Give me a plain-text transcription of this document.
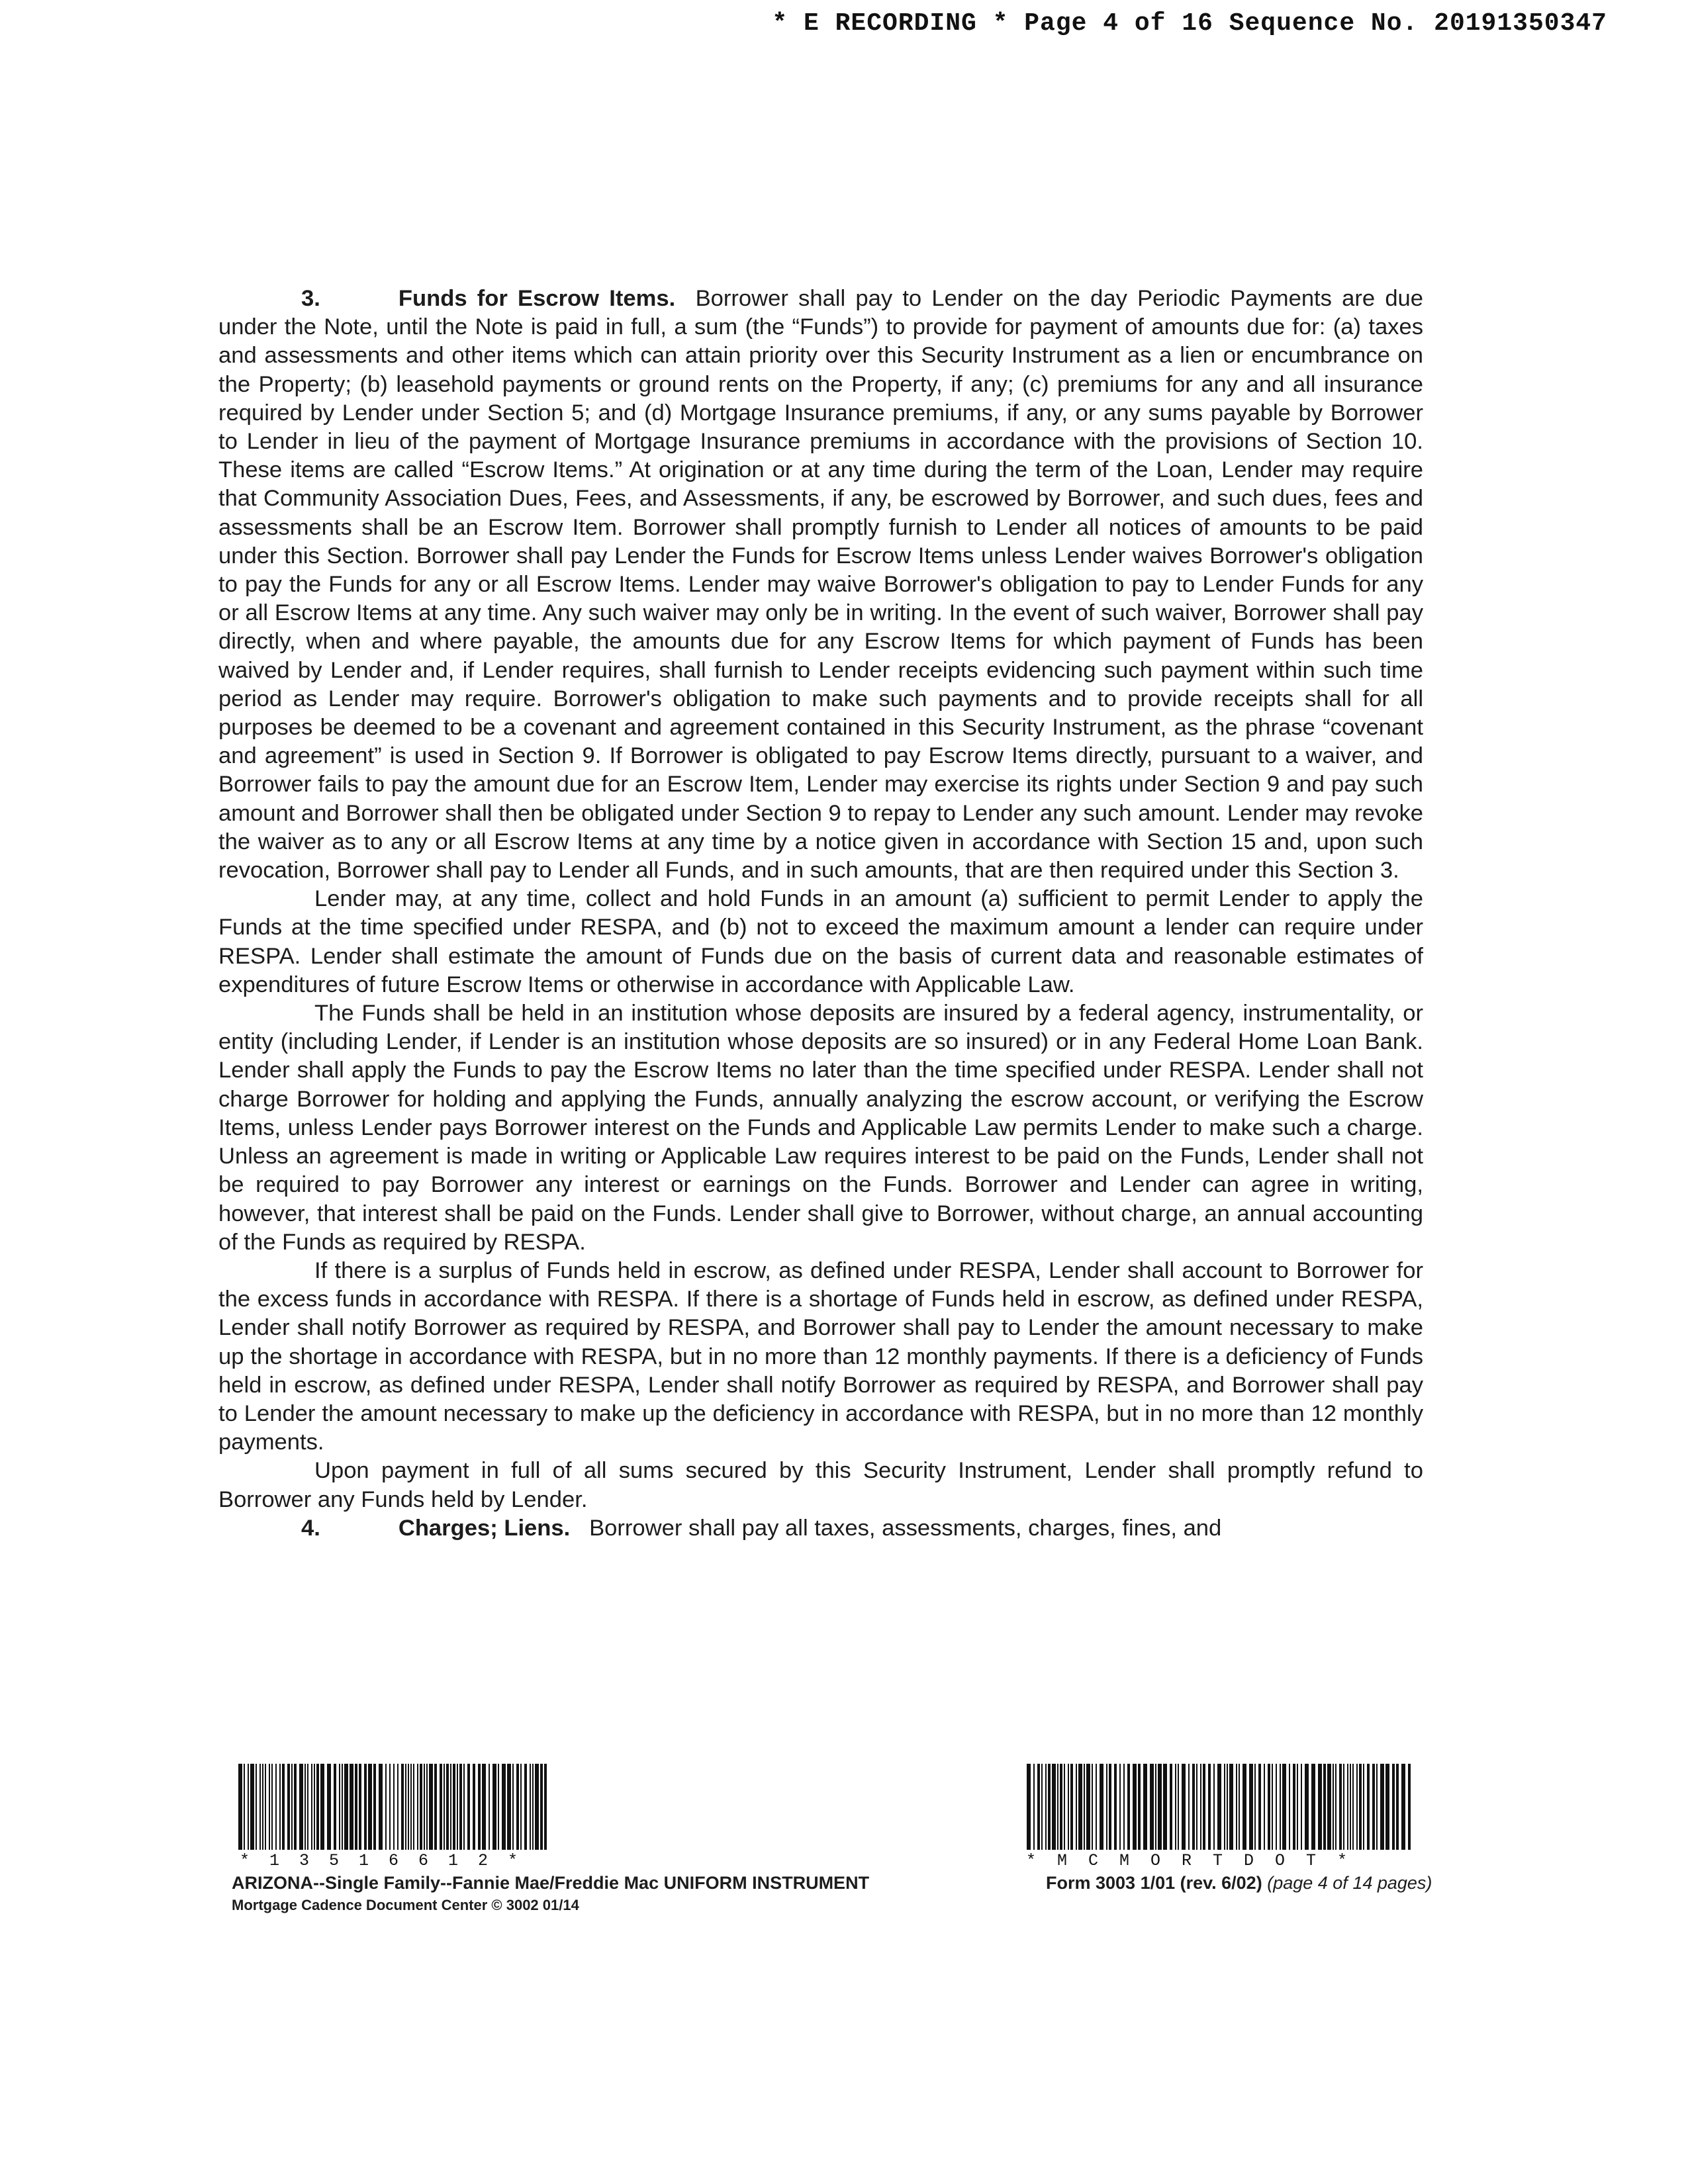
* E RECORDING * Page 4 of 16 Sequence No. 20191350347

3.	Funds for Escrow Items. Borrower shall pay to Lender on the day Periodic Payments are due under the Note, until the Note is paid in full, a sum (the “Funds”) to provide for payment of amounts due for: (a) taxes and assessments and other items which can attain priority over this Security Instrument as a lien or encumbrance on the Property; (b) leasehold payments or ground rents on the Property, if any; (c) premiums for any and all insurance required by Lender under Section 5; and (d) Mortgage Insurance premiums, if any, or any sums payable by Borrower to Lender in lieu of the payment of Mortgage Insurance premiums in accordance with the provisions of Section 10. These items are called “Escrow Items.” At origination or at any time during the term of the Loan, Lender may require that Community Association Dues, Fees, and Assessments, if any, be escrowed by Borrower, and such dues, fees and assessments shall be an Escrow Item. Borrower shall promptly furnish to Lender all notices of amounts to be paid under this Section. Borrower shall pay Lender the Funds for Escrow Items unless Lender waives Borrower's obligation to pay the Funds for any or all Escrow Items. Lender may waive Borrower's obligation to pay to Lender Funds for any or all Escrow Items at any time. Any such waiver may only be in writing. In the event of such waiver, Borrower shall pay directly, when and where payable, the amounts due for any Escrow Items for which payment of Funds has been waived by Lender and, if Lender requires, shall furnish to Lender receipts evidencing such payment within such time period as Lender may require. Borrower's obligation to make such payments and to provide receipts shall for all purposes be deemed to be a covenant and agreement contained in this Security Instrument, as the phrase “covenant and agreement” is used in Section 9. If Borrower is obligated to pay Escrow Items directly, pursuant to a waiver, and Borrower fails to pay the amount due for an Escrow Item, Lender may exercise its rights under Section 9 and pay such amount and Borrower shall then be obligated under Section 9 to repay to Lender any such amount. Lender may revoke the waiver as to any or all Escrow Items at any time by a notice given in accordance with Section 15 and, upon such revocation, Borrower shall pay to Lender all Funds, and in such amounts, that are then required under this Section 3.

Lender may, at any time, collect and hold Funds in an amount (a) sufficient to permit Lender to apply the Funds at the time specified under RESPA, and (b) not to exceed the maximum amount a lender can require under RESPA. Lender shall estimate the amount of Funds due on the basis of current data and reasonable estimates of expenditures of future Escrow Items or otherwise in accordance with Applicable Law.

The Funds shall be held in an institution whose deposits are insured by a federal agency, instrumentality, or entity (including Lender, if Lender is an institution whose deposits are so insured) or in any Federal Home Loan Bank. Lender shall apply the Funds to pay the Escrow Items no later than the time specified under RESPA. Lender shall not charge Borrower for holding and applying the Funds, annually analyzing the escrow account, or verifying the Escrow Items, unless Lender pays Borrower interest on the Funds and Applicable Law permits Lender to make such a charge. Unless an agreement is made in writing or Applicable Law requires interest to be paid on the Funds, Lender shall not be required to pay Borrower any interest or earnings on the Funds. Borrower and Lender can agree in writing, however, that interest shall be paid on the Funds. Lender shall give to Borrower, without charge, an annual accounting of the Funds as required by RESPA.

If there is a surplus of Funds held in escrow, as defined under RESPA, Lender shall account to Borrower for the excess funds in accordance with RESPA. If there is a shortage of Funds held in escrow, as defined under RESPA, Lender shall notify Borrower as required by RESPA, and Borrower shall pay to Lender the amount necessary to make up the shortage in accordance with RESPA, but in no more than 12 monthly payments. If there is a deficiency of Funds held in escrow, as defined under RESPA, Lender shall notify Borrower as required by RESPA, and Borrower shall pay to Lender the amount necessary to make up the deficiency in accordance with RESPA, but in no more than 12 monthly payments.

Upon payment in full of all sums secured by this Security Instrument, Lender shall promptly refund to Borrower any Funds held by Lender.

4.	Charges; Liens. Borrower shall pay all taxes, assessments, charges, fines, and

*13516612*	*MCMORTDOT*
ARIZONA--Single Family--Fannie Mae/Freddie Mac UNIFORM INSTRUMENT
Mortgage Cadence Document Center © 3002 01/14
Form 3003 1/01 (rev. 6/02) (page 4 of 14 pages)
